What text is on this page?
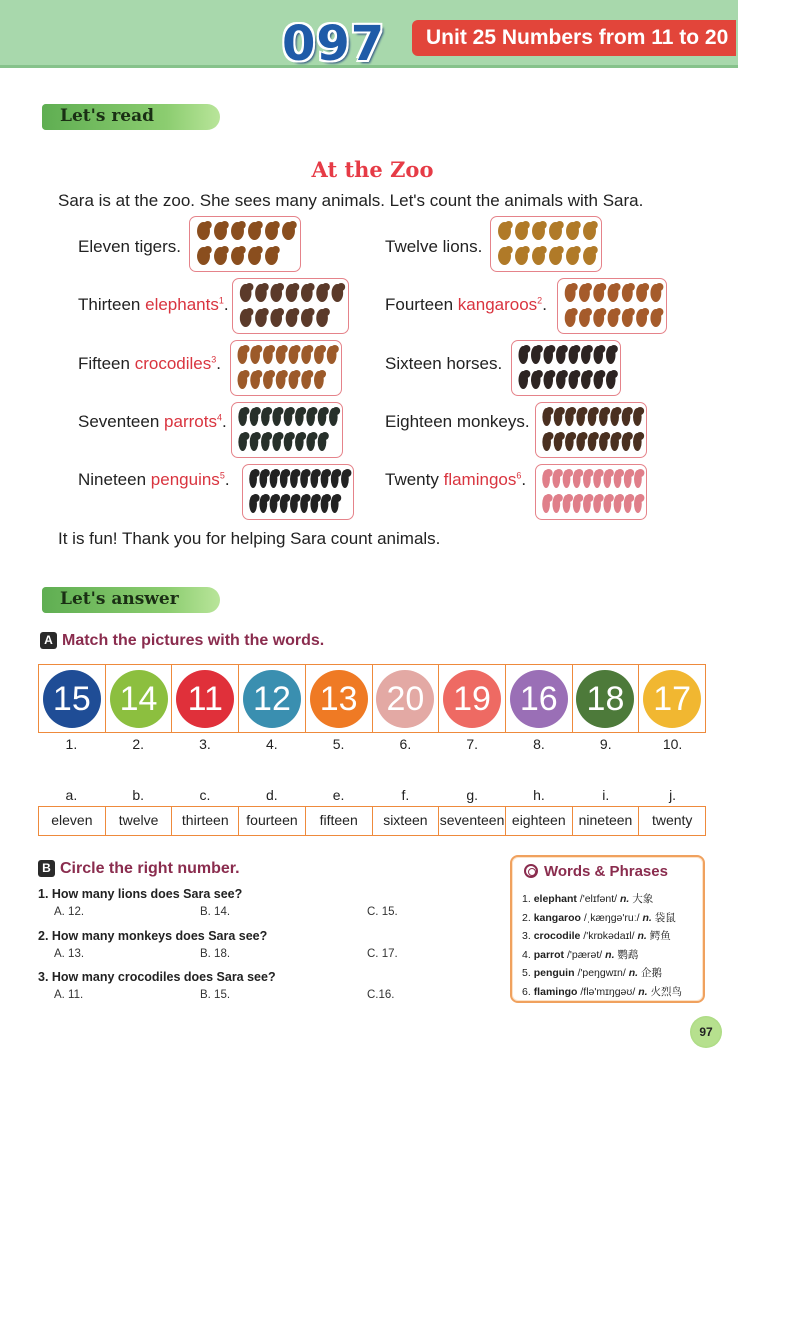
097	Unit 25 Numbers from 11 to 20
Let's read
At the Zoo
Sara is at the zoo. She sees many animals. Let's count the animals with Sara.
Eleven tigers.	Twelve lions.
Thirteen elephants$^1$.	Fourteen kangaroos$^2$.
Fifteen crocodiles$^3$.	Sixteen horses.
Seventeen parrots$^4$.	Eighteen monkeys.
Nineteen penguins$^5$.	Twenty flamingos$^6$.
It is fun! Thank you for helping Sara count animals.
Let's answer
A Match the pictures with the words.
15 14 11 12 13 20 19 16 18 17
1.	2.	3.	4.	5.	6.	7.	8.	9.	10.
a.	b.	c.	d.	e.	f.	g.	h.	i.	j.
eleven	twelve	thirteen	fourteen	fifteen	sixteen seventeen eighteen nineteen	twenty
B Circle the right number.
1. How many lions does Sara see?
A. 12.	B. 14.	C. 15.
2. How many monkeys does Sara see?
A. 13.	B. 18.	C. 17.
3. How many crocodiles does Sara see?
A. 11.	B. 15.	C.16.
Words & Phrases
1. elephant /'elɪfənt/ n. 大象
2. kangaroo /ˌkæŋgə'ruː/ n. 袋鼠
3. crocodile /'krɒkədaɪl/ n. 鳄鱼
4. parrot /'pærət/ n. 鹦鹉
5. penguin /'peŋgwɪn/ n. 企鹅
6. flamingo /flə'mɪŋgəʊ/ n. 火烈鸟
97
